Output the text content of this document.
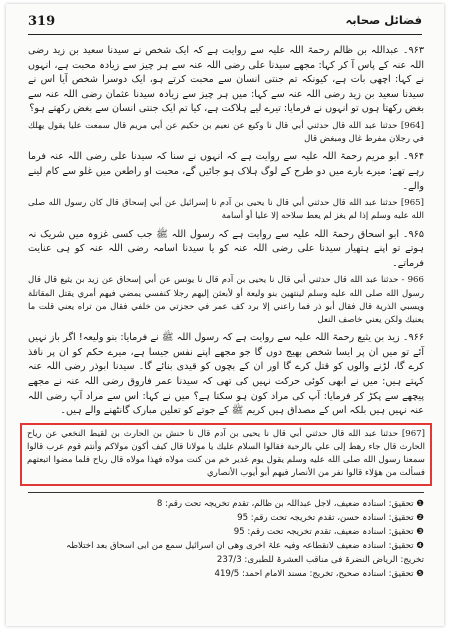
319	فضائل صحابہ

۹۶۳۔ عبداللہ بن ظالم رحمۃ اللہ علیہ سے روایت ہے کہ ایک شخص نے سیدنا سعید بن زید رضی اللہ عنہ کے پاس آ کر کہا: مجھے سیدنا علی رضی اللہ عنہ سے ہر چیز سے زیادہ محبت ہے، انہوں نے کہا: اچھی بات ہے، کیونکہ تم جنتی انسان سے محبت کرتے ہو، ایک دوسرا شخص آیا اس نے سیدنا سعید بن زید رضی اللہ عنہ سے کہا: میں ہر چیز سے زیادہ سیدنا عثمان رضی اللہ عنہ سے بغض رکھتا ہوں تو انہوں نے فرمایا: تیرے لیے ہلاکت ہے، کیا تم ایک جنتی انسان سے بغض رکھتے ہو؟

[964] حدثنا عبد الله قال حدثني أبي قال نا وكيع عن نعيم بن حكيم عن أبي مريم قال سمعت عليا يقول يهلك في رجلان مفرط غال ومبغض قال

۹۶۴۔ ابو مریم رحمۃ اللہ علیہ سے روایت ہے کہ انہوں نے سنا کہ سیدنا علی رضی اللہ عنہ فرما رہے تھے: میرے بارے میں دو طرح کے لوگ ہلاک ہو جائیں گے، محبت او راطعن میں غلو سے کام لینے والے۔

[965] حدثنا عبد الله قال حدثني أبي قال نا يحيى بن آدم نا إسرائيل عن أبي إسحاق قال كان رسول الله صلى الله عليه وسلم إذا لم يغز لم يعط سلاحه إلا عليا أو أسامة

۹۶۵۔ ابو اسحاق رحمۃ اللہ علیہ سے روایت ہے کہ رسول اللہ ﷺ جب کسی غزوہ میں شریک نہ ہوتے تو اپنے ہتھیار سیدنا علی رضی اللہ عنہ کو یا سیدنا اسامہ رضی اللہ عنہ کو ہی عنایت فرماتے۔

966 - حدثنا عبد الله قال حدثني أبي قال نا يحيى بن آدم قال نا يونس عن أبي إسحاق عن زيد بن يثيع قال قال رسول الله صلى الله عليه وسلم لينتهين بنو وليعة أو لأبعثن إليهم رجلا كنفسي يمضي فيهم أمري يقتل المقاتلة ويسبي الذرية قال فقال أبو ذر فما راعني إلا برد كف عمر في حجزتي من خلفي فقال من تراه يعني قلت ما يعنيك ولكن يعني خاصف النعل

۹۶۶۔ زید بن یثیع رحمۃ اللہ علیہ سے روایت ہے کہ رسول اللہ ﷺ نے فرمایا: بنو ولیعہ! اگر باز نہیں آئے تو میں ان پر ایسا شخص بھیج دوں گا جو مجھے اپنے نفس جیسا ہے، میرے حکم کو ان پر نافذ کرے گا، لڑنے والوں کو قتل کرے گا اور ان کے بچوں کو قیدی بنائے گا۔ سیدنا ابوذر رضی اللہ عنہ کہتے ہیں: میں نے ابھی کوئی حرکت نہیں کی تھی کہ سیدنا عمر فاروق رضی اللہ عنہ نے مجھے پیچھے سے پکڑ کر فرمایا: آپ کی مراد کون ہو سکتا ہے؟ میں نے کہا: اس سے مراد آپ رضی اللہ عنہ نہیں ہیں بلکہ اس کے مصداق ہیں کریم ﷺ کے جوتے کو تعلین مبارک گانٹھنے والے ہیں۔

[967] حدثنا عبد الله قال حدثني أبي قال نا يحيى بن آدم قال نا حنش بن الحارث بن لقيط النخعي عن رياح الحارث قال جاء رهط إلى علي بالرحبة فقالوا السلام عليك يا مولانا قال كيف أكون مولاكم وأنتم قوم عرب قالوا سمعنا رسول الله صلى الله عليه وسلم يقول يوم غدير خم من كنت مولاه فهذا مولاه قال رياح فلما مضوا اتبعتهم فسألت من هؤلاء قالوا نفر من الأنصار فيهم أبو أيوب الأنصاري

❶ تحقیق: اسنادہ ضعیف، لاجل عبداللہ بن ظالم، تقدم تخریجہ تحت رقم: 8

❷ تحقیق: اسنادہ حسن، تقدم تخریجہ تحت رقم: 95

❸ تحقیق: اسنادہ ضعیف، تقدم تخریجہ تحت رقم: 95

❹ تحقیق: اسنادہ ضعیف لانقطاعہ وفیہ علۃ اخری وھی ان اسرائیل سمع من ابی اسحاق بعد اختلاطہ

تخریج: الریاض النضرۃ فی مناقب العشرۃ للطبری: 237/3

❺ تحقیق: اسنادہ صحیح، تخریج: مسند الامام احمد: 419/5
